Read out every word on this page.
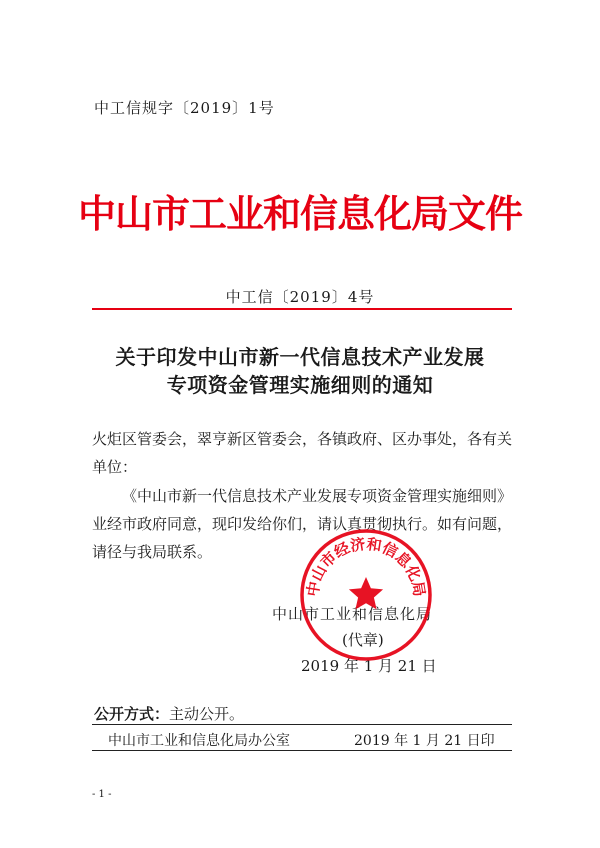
中工信规字〔2019〕1号
中山市工业和信息化局文件
中工信〔2019〕4号
关于印发中山市新一代信息技术产业发展
专项资金管理实施细则的通知
火炬区管委会，翠亨新区管委会，各镇政府、区办事处，各有关单位：
《中山市新一代信息技术产业发展专项资金管理实施细则》业经市政府同意，现印发给你们，请认真贯彻执行。如有问题，请径与我局联系。
中山市经济和信息化局
中山市工业和信息化局
(代章)
2019 年 1 月 21 日
公开方式：主动公开。
中山市工业和信息化局办公室	2019 年 1 月 21 日印
- 1 -
